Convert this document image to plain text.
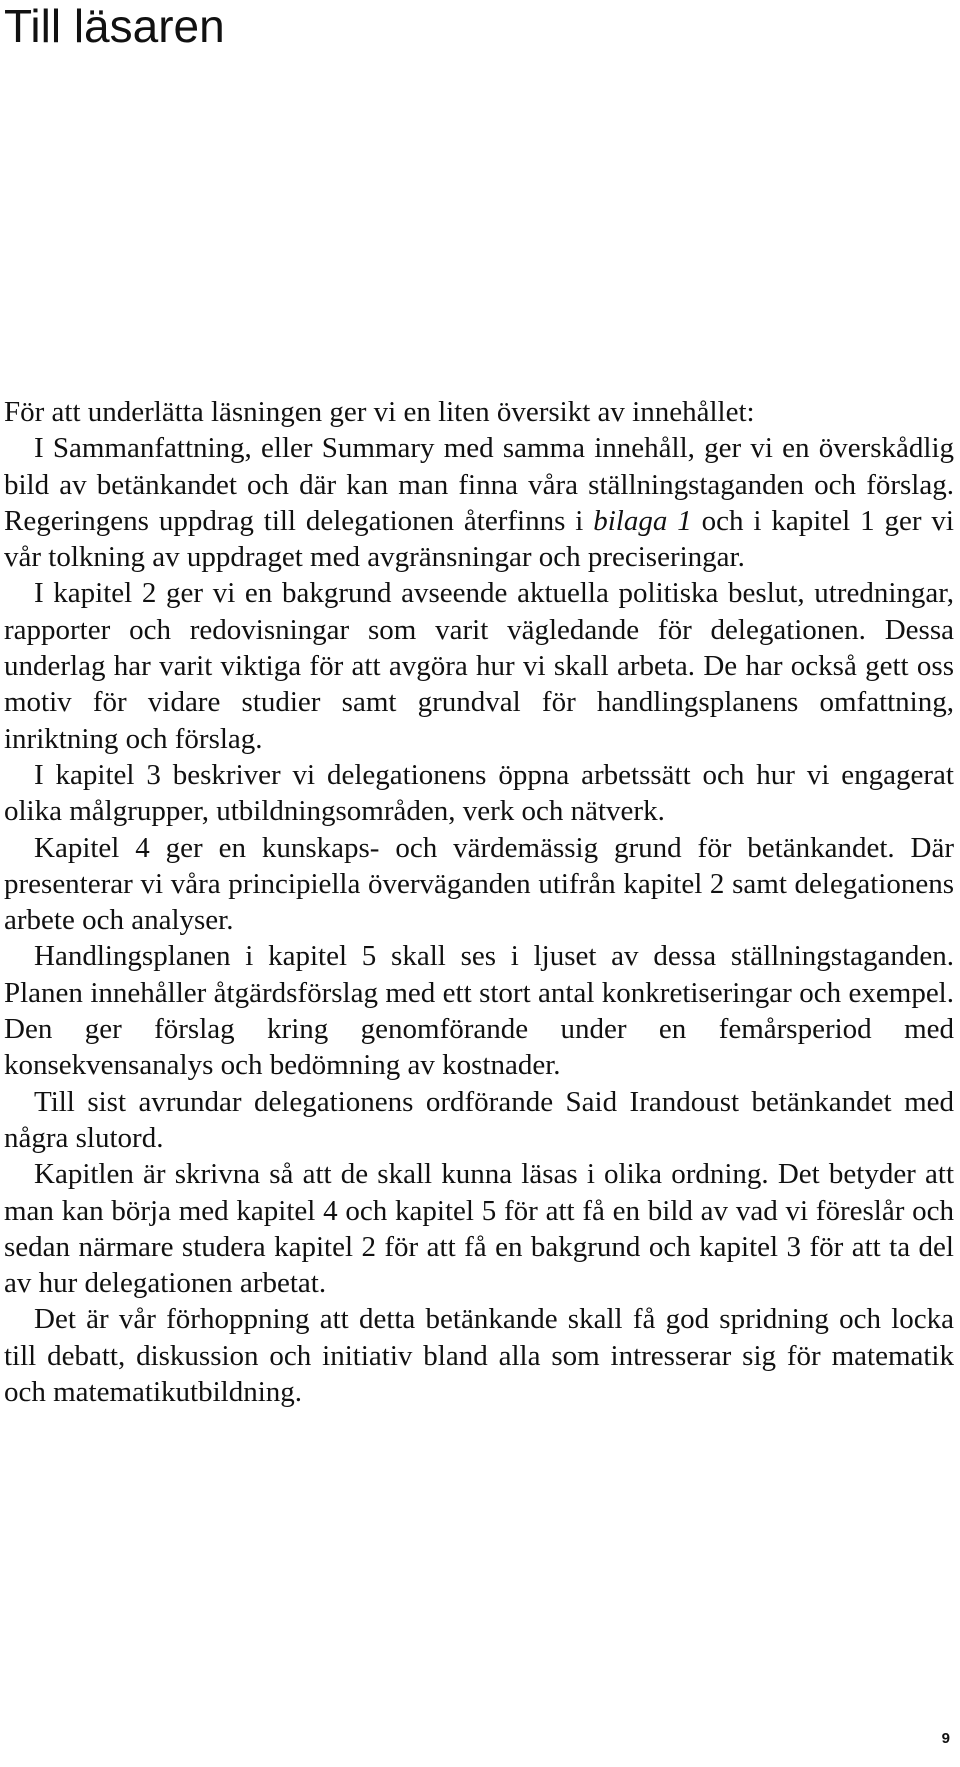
Till läsaren

För att underlätta läsningen ger vi en liten översikt av innehållet:

I Sammanfattning, eller Summary med samma innehåll, ger vi en överskådlig bild av betänkandet och där kan man finna våra ställningstaganden och förslag. Regeringens uppdrag till delegationen återfinns i bilaga 1 och i kapitel 1 ger vi vår tolkning av uppdraget med avgränsningar och preciseringar.

I kapitel 2 ger vi en bakgrund avseende aktuella politiska beslut, utredningar, rapporter och redovisningar som varit vägledande för delegationen. Dessa underlag har varit viktiga för att avgöra hur vi skall arbeta. De har också gett oss motiv för vidare studier samt grundval för handlingsplanens omfattning, inriktning och förslag.

I kapitel 3 beskriver vi delegationens öppna arbetssätt och hur vi engagerat olika målgrupper, utbildningsområden, verk och nätverk.

Kapitel 4 ger en kunskaps- och värdemässig grund för betänkandet. Där presenterar vi våra principiella överväganden utifrån kapitel 2 samt delegationens arbete och analyser.

Handlingsplanen i kapitel 5 skall ses i ljuset av dessa ställningstaganden. Planen innehåller åtgärdsförslag med ett stort antal konkretiseringar och exempel. Den ger förslag kring genomförande under en femårsperiod med konsekvensanalys och bedömning av kostnader.

Till sist avrundar delegationens ordförande Said Irandoust betänkandet med några slutord.

Kapitlen är skrivna så att de skall kunna läsas i olika ordning. Det betyder att man kan börja med kapitel 4 och kapitel 5 för att få en bild av vad vi föreslår och sedan närmare studera kapitel 2 för att få en bakgrund och kapitel 3 för att ta del av hur delegationen arbetat.

Det är vår förhoppning att detta betänkande skall få god spridning och locka till debatt, diskussion och initiativ bland alla som intresserar sig för matematik och matematikutbildning.

9
